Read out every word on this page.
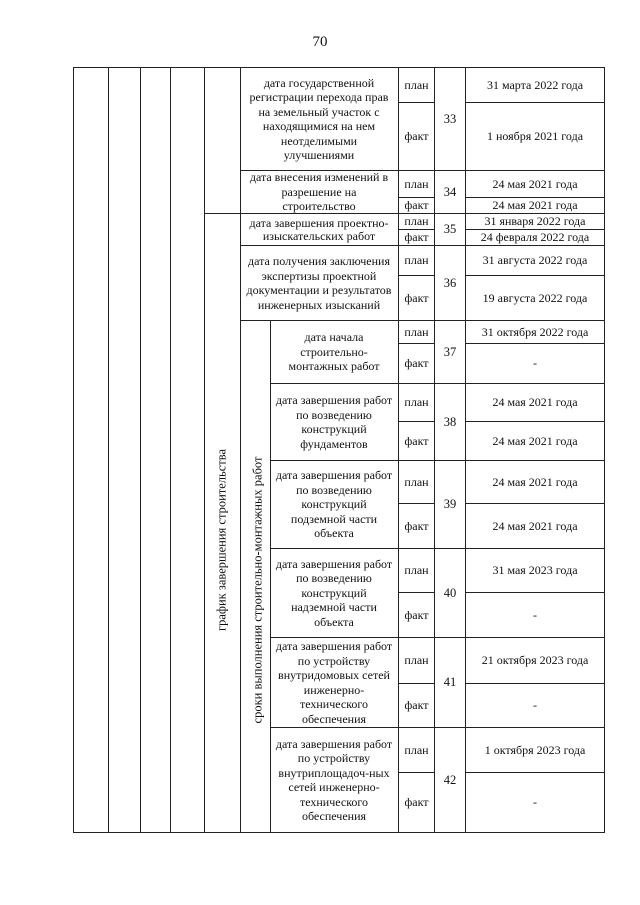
70
дата государственной регистрации перехода прав на земельный участок с находящимися на нем неотделимыми улучшениями
план
факт
33
31 марта 2022 года
1 ноября 2021 года
дата внесения изменений в разрешение на строительство
план
факт
34
24 мая 2021 года
24 мая 2021 года
дата завершения проектно-изыскательских работ
план
факт
35
31 января 2022 года
24 февраля 2022 года
дата получения заключения экспертизы проектной документации и результатов инженерных изысканий
план
факт
36
31 августа 2022 года
19 августа 2022 года
дата начала строительно-монтажных работ
план
факт
37
31 октября 2022 года
-
дата завершения работ по возведению конструкций фундаментов
план
факт
38
24 мая 2021 года
24 мая 2021 года
дата завершения работ по возведению конструкций подземной части объекта
план
факт
39
24 мая 2021 года
24 мая 2021 года
дата завершения работ по возведению конструкций надземной части объекта
план
факт
40
31 мая 2023 года
-
дата завершения работ по устройству внутридомовых сетей инженерно-технического обеспечения
план
факт
41
21 октября 2023 года
-
дата завершения работ по устройству внутриплощадоч-ных сетей инженерно-технического обеспечения
план
факт
42
1 октября 2023 года
-
график завершения строительства сроки выполнения строительно-монтажных работ
